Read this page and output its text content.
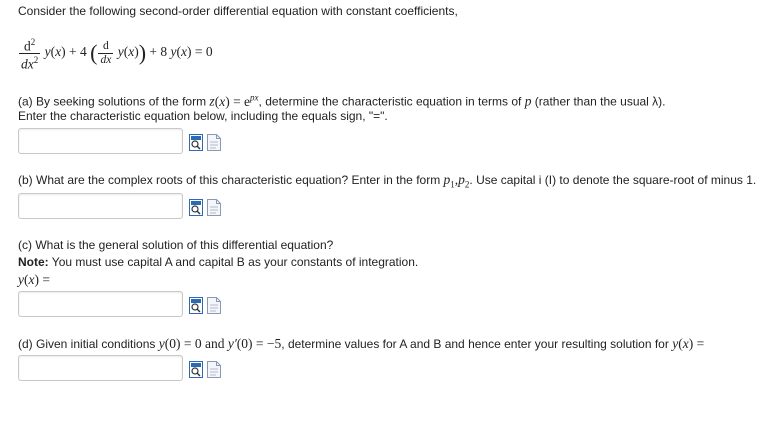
Consider the following second-order differential equation with constant coefficients,
$\frac{d^2}{dx^2} y(x) + 4$ ( $\frac{d}{dx} y(x)) + 8$ y(x) = 0
(a) By seeking solutions of the form $z(x) = e^{px}$, determine the characteristic equation in terms of p (rather than the usual λ).
Enter the characteristic equation below, including the equals sign, "=".
(b) What are the complex roots of this characteristic equation? Enter in the form $p_1,p_2$. Use capital i (I) to denote the square-root of minus 1.
(c) What is the general solution of this differential equation?
Note: You must use capital A and capital B as your constants of integration.
y(x) =
(d) Given initial conditions y(0) = 0 and y′(0) = −5, determine values for A and B and hence enter your resulting solution for y(x) =
